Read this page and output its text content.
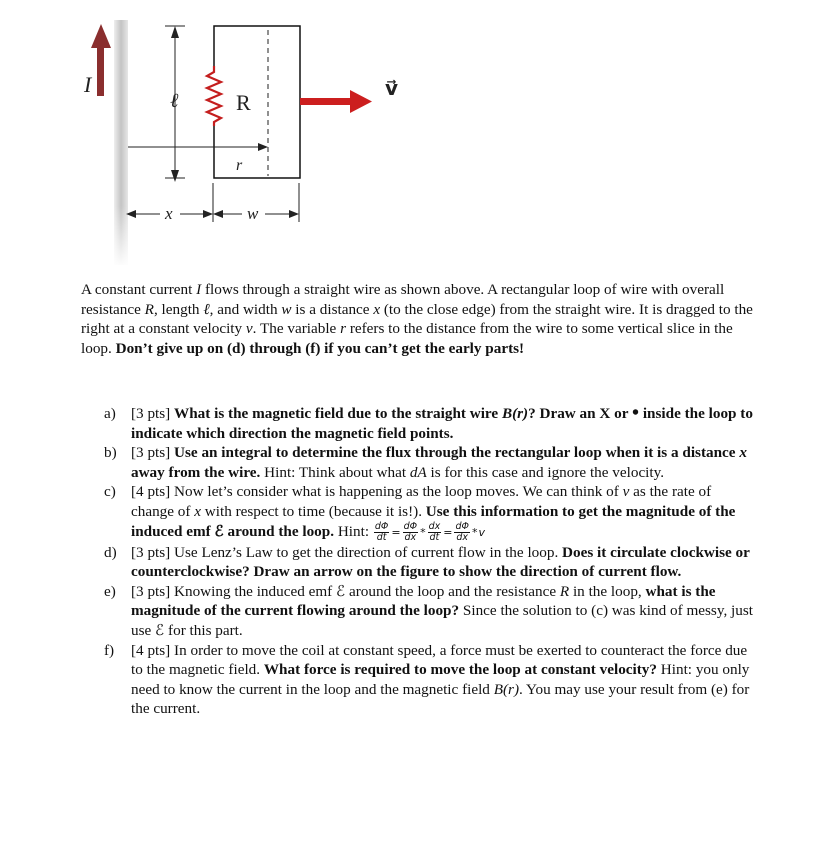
I
ℓ	R
r
v⃗
x	w
A constant current I flows through a straight wire as shown above. A rectangular loop of wire with overall resistance R, length ℓ, and width w is a distance x (to the close edge) from the straight wire. It is dragged to the right at a constant velocity v. The variable r refers to the distance from the wire to some vertical slice in the loop. Don’t give up on (d) through (f) if you can’t get the early parts!
a) [3 pts] What is the magnetic field due to the straight wire B(r)? Draw an X or • inside the loop to indicate which direction the magnetic field points.
b) [3 pts] Use an integral to determine the flux through the rectangular loop when it is a distance x away from the wire. Hint: Think about what dA is for this case and ignore the velocity.
c) [4 pts] Now let’s consider what is happening as the loop moves. We can think of v as the rate of change of x with respect to time (because it is!). Use this information to get the magnitude of the induced emf ℰ around the loop. Hint: $\frac{d\Phi}{dt} = \frac{d\Phi}{dx} * \frac{dx}{dt} = \frac{d\Phi}{dx} *v$
d) [3 pts] Use Lenz’s Law to get the direction of current flow in the loop. Does it circulate clockwise or counterclockwise? Draw an arrow on the figure to show the direction of current flow.
e) [3 pts] Knowing the induced emf ℰ around the loop and the resistance R in the loop, what is the magnitude of the current flowing around the loop? Since the solution to (c) was kind of messy, just use ℰ for this part.
f) [4 pts] In order to move the coil at constant speed, a force must be exerted to counteract the force due to the magnetic field. What force is required to move the loop at constant velocity? Hint: you only need to know the current in the loop and the magnetic field B(r). You may use your result from (e) for the current.
